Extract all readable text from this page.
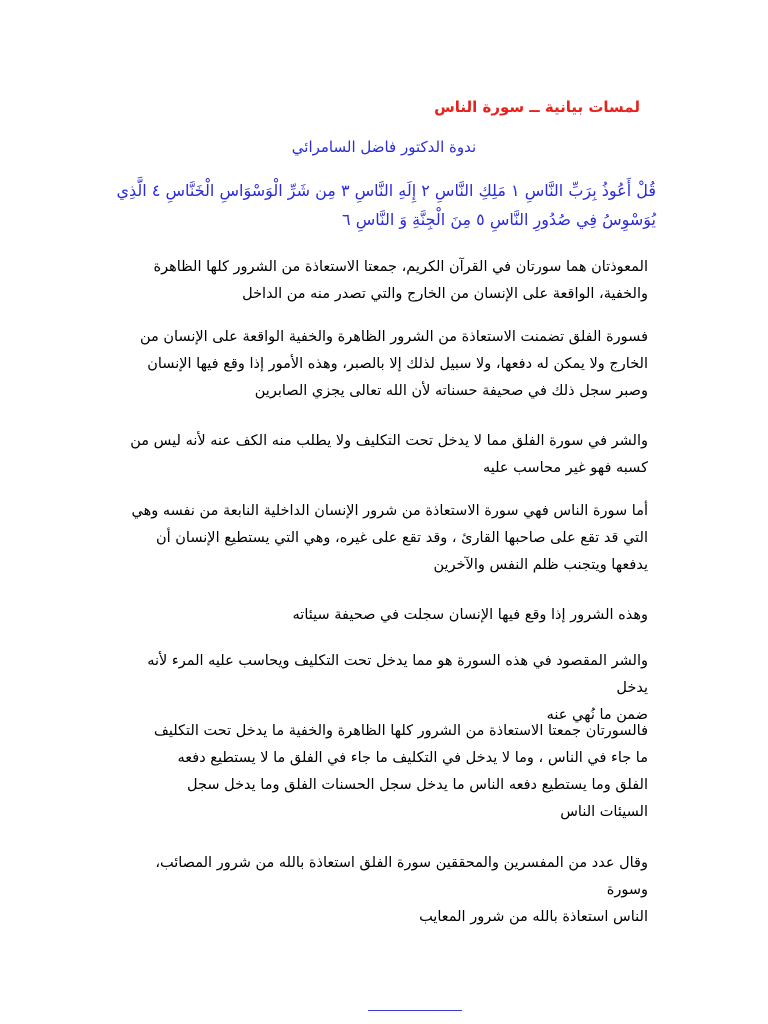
لمسات بيانية ــ سورة الناس
ندوة الدكتور فاضل السامرائي
قُلْ أَعُوذُ بِرَبِّ النَّاسِ ١ مَلِكِ النَّاسِ ٢ إِلَهِ النَّاسِ ٣ مِن شَرِّ الْوَسْوَاسِ الْخَنَّاسِ ٤ الَّذِي
يُوَسْوِسُ فِي صُدُورِ النَّاسِ ٥ مِنَ الْجِنَّةِ وَ النَّاسِ ٦
المعوذتان هما سورتان في القرآن الكريم، جمعتا الاستعاذة من الشرور كلها الظاهرة
والخفية، الواقعة على الإنسان من الخارج والتي تصدر منه من الداخل
فسورة الفلق تضمنت الاستعاذة من الشرور الظاهرة والخفية الواقعة على الإنسان من
الخارج ولا يمكن له دفعها، ولا سبيل لذلك إلا بالصبر، وهذه الأمور إذا وقع فيها الإنسان
وصبر سجل ذلك في صحيفة حسناته لأن الله تعالى يجزي الصابرين
والشر في سورة الفلق مما لا يدخل تحت التكليف ولا يطلب منه الكف عنه لأنه ليس من
كسبه فهو غير محاسب عليه
أما سورة الناس فهي سورة الاستعاذة من شرور الإنسان الداخلية النابعة من نفسه وهي
التي قد تقع على صاحبها القارئ ، وقد تقع على غيره، وهي التي يستطيع الإنسان أن
يدفعها ويتجنب ظلم النفس والآخرين
وهذه الشرور إذا وقع فيها الإنسان سجلت في صحيفة سيئاته
والشر المقصود في هذه السورة هو مما يدخل تحت التكليف ويحاسب عليه المرء لأنه يدخل
ضمن ما نُهي عنه
فالسورتان جمعتا الاستعاذة من الشرور كلها الظاهرة والخفية ما يدخل تحت التكليف
ما جاء في الناس ، وما لا يدخل في التكليف ما جاء في الفلق ما لا يستطيع دفعه
الفلق وما يستطيع دفعه الناس ما يدخل سجل الحسنات الفلق وما يدخل سجل
السيئات الناس
وقال عدد من المفسرين والمحققين سورة الفلق استعاذة بالله من شرور المصائب، وسورة
الناس استعاذة بالله من شرور المعايب
